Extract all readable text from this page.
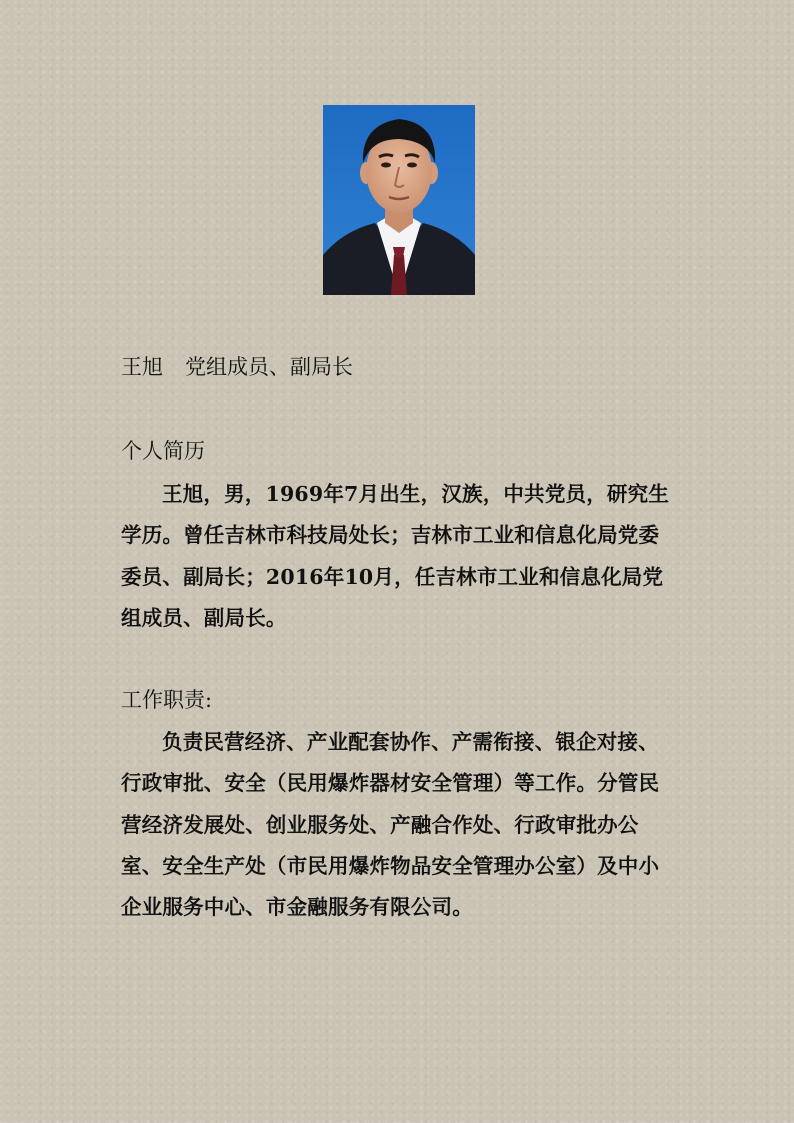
王旭 党组成员、副局长
个人简历
王旭，男，1969年7月出生，汉族，中共党员，研究生学历。曾任吉林市科技局处长；吉林市工业和信息化局党委委员、副局长；2016年10月，任吉林市工业和信息化局党组成员、副局长。
工作职责:
负责民营经济、产业配套协作、产需衔接、银企对接、行政审批、安全（民用爆炸器材安全管理）等工作。分管民营经济发展处、创业服务处、产融合作处、行政审批办公室、安全生产处（市民用爆炸物品安全管理办公室）及中小企业服务中心、市金融服务有限公司。
